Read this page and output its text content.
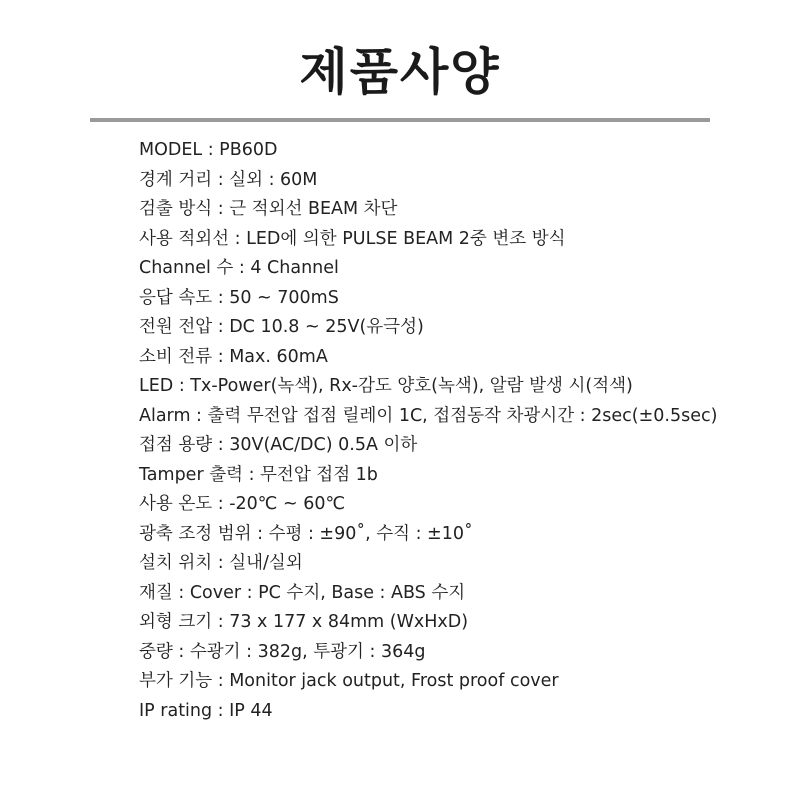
제품사양
MODEL : PB60D
경계 거리 : 실외 : 60M
검출 방식 : 근 적외선 BEAM 차단
사용 적외선 : LED에 의한 PULSE BEAM 2중 변조 방식
Channel 수 : 4 Channel
응답 속도 : 50 ~ 700mS
전원 전압 : DC 10.8 ~ 25V(유극성)
소비 전류 : Max. 60mA
LED : Tx-Power(녹색), Rx-감도 양호(녹색), 알람 발생 시(적색)
Alarm : 출력 무전압 접점 릴레이 1C, 접점동작 차광시간 : 2sec(±0.5sec)
접점 용량 : 30V(AC/DC) 0.5A 이하
Tamper 출력 : 무전압 접점 1b
사용 온도 : -20℃ ~ 60℃
광축 조정 범위 : 수평 : ±90˚, 수직 : ±10˚
설치 위치 : 실내/실외
재질 : Cover : PC 수지, Base : ABS 수지
외형 크기 : 73 x 177 x 84mm (WxHxD)
중량 : 수광기 : 382g, 투광기 : 364g
부가 기능 : Monitor jack output, Frost proof cover
IP rating : IP 44
